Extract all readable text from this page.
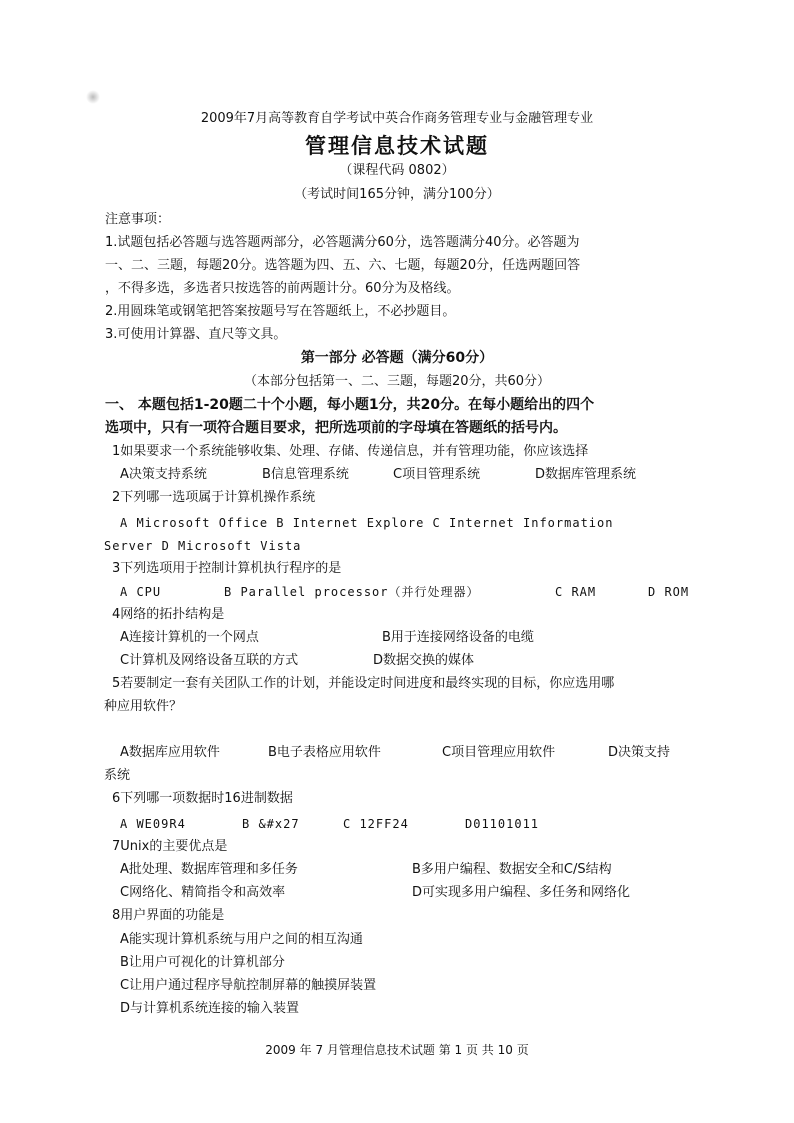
2009年7月高等教育自学考试中英合作商务管理专业与金融管理专业
管理信息技术试题
（课程代码 0802）
（考试时间165分钟，满分100分）
注意事项：
1.试题包括必答题与选答题两部分，必答题满分60分，选答题满分40分。必答题为
一、二、三题，每题20分。选答题为四、五、六、七题，每题20分，任选两题回答
，不得多选，多选者只按选答的前两题计分。60分为及格线。
2.用圆珠笔或钢笔把答案按题号写在答题纸上，不必抄题目。
3.可使用计算器、直尺等文具。
第一部分 必答题（满分60分）
（本部分包括第一、二、三题，每题20分，共60分）
一、 本题包括1-20题二十个小题，每小题1分，共20分。在每小题给出的四个
选项中，只有一项符合题目要求，把所选项前的字母填在答题纸的括号内。
1如果要求一个系统能够收集、处理、存储、传递信息，并有管理功能，你应该选择
A决策支持系统	B信息管理系统	C项目管理系统	D数据库管理系统
2下列哪一选项属于计算机操作系统
A Microsoft Office B Internet Explore C Internet Information
Server D Microsoft Vista
3下列选项用于控制计算机执行程序的是
A CPU	B Parallel processor（并行处理器）	C RAM	D ROM
4网络的拓扑结构是
A连接计算机的一个网点	B用于连接网络设备的电缆
C计算机及网络设备互联的方式	D数据交换的媒体
5若要制定一套有关团队工作的计划，并能设定时间进度和最终实现的目标，你应选用哪
种应用软件？
A数据库应用软件	B电子表格应用软件	C项目管理应用软件	D决策支持
系统
6下列哪一项数据时16进制数据
A WE09R4	B &#x27	C 12FF24	D01101011
7Unix的主要优点是
A批处理、数据库管理和多任务	B多用户编程、数据安全和C/S结构
C网络化、精简指令和高效率	D可实现多用户编程、多任务和网络化
8用户界面的功能是
A能实现计算机系统与用户之间的相互沟通
B让用户可视化的计算机部分
C让用户通过程序导航控制屏幕的触摸屏装置
D与计算机系统连接的输入装置
2009 年 7 月管理信息技术试题 第 1 页 共 10 页
